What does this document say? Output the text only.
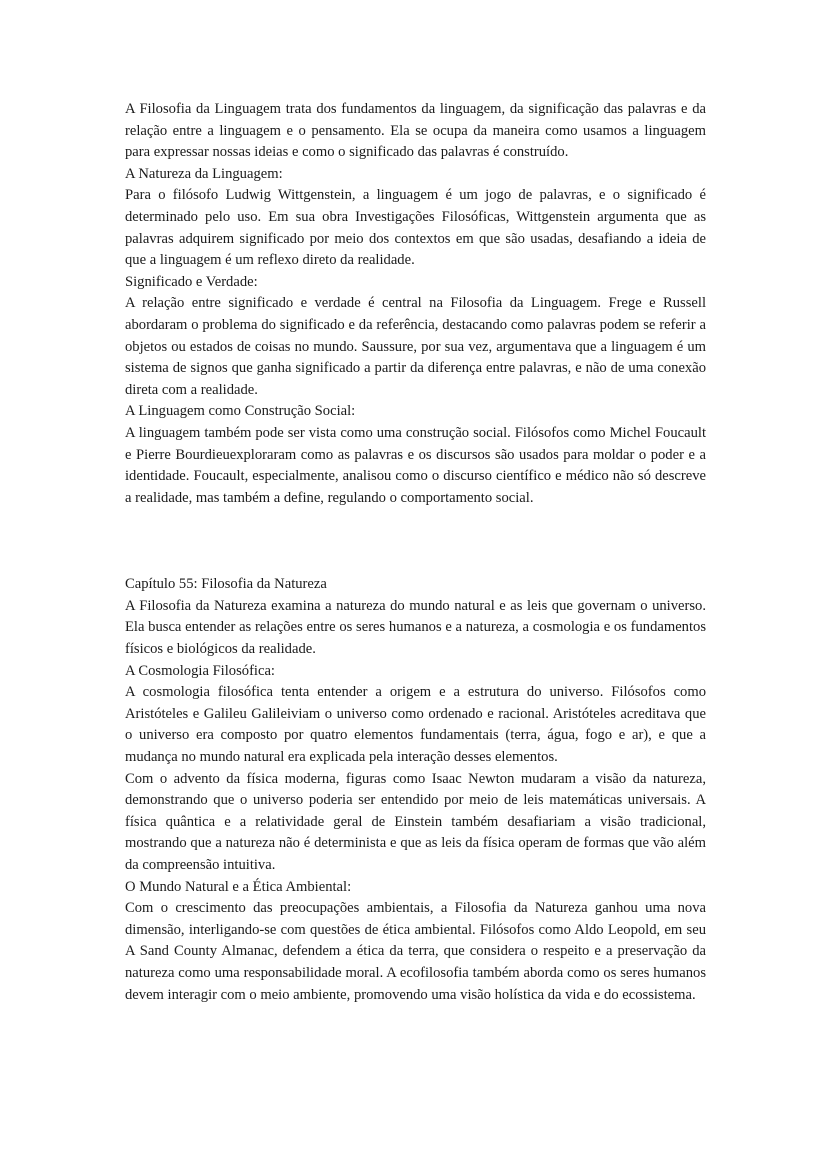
A Filosofia da Linguagem trata dos fundamentos da linguagem, da significação das palavras e da relação entre a linguagem e o pensamento. Ela se ocupa da maneira como usamos a linguagem para expressar nossas ideias e como o significado das palavras é construído.

A Natureza da Linguagem:

Para o filósofo Ludwig Wittgenstein, a linguagem é um jogo de palavras, e o significado é determinado pelo uso. Em sua obra Investigações Filosóficas, Wittgenstein argumenta que as palavras adquirem significado por meio dos contextos em que são usadas, desafiando a ideia de que a linguagem é um reflexo direto da realidade.

Significado e Verdade:

A relação entre significado e verdade é central na Filosofia da Linguagem. Frege e Russell abordaram o problema do significado e da referência, destacando como palavras podem se referir a objetos ou estados de coisas no mundo. Saussure, por sua vez, argumentava que a linguagem é um sistema de signos que ganha significado a partir da diferença entre palavras, e não de uma conexão direta com a realidade.

A Linguagem como Construção Social:

A linguagem também pode ser vista como uma construção social. Filósofos como Michel Foucault e Pierre Bourdieuexploraram como as palavras e os discursos são usados para moldar o poder e a identidade. Foucault, especialmente, analisou como o discurso científico e médico não só descreve a realidade, mas também a define, regulando o comportamento social.

Capítulo 55: Filosofia da Natureza

A Filosofia da Natureza examina a natureza do mundo natural e as leis que governam o universo. Ela busca entender as relações entre os seres humanos e a natureza, a cosmologia e os fundamentos físicos e biológicos da realidade.

A Cosmologia Filosófica:

A cosmologia filosófica tenta entender a origem e a estrutura do universo. Filósofos como Aristóteles e Galileu Galileiviam o universo como ordenado e racional. Aristóteles acreditava que o universo era composto por quatro elementos fundamentais (terra, água, fogo e ar), e que a mudança no mundo natural era explicada pela interação desses elementos.

Com o advento da física moderna, figuras como Isaac Newton mudaram a visão da natureza, demonstrando que o universo poderia ser entendido por meio de leis matemáticas universais. A física quântica e a relatividade geral de Einstein também desafiariam a visão tradicional, mostrando que a natureza não é determinista e que as leis da física operam de formas que vão além da compreensão intuitiva.

O Mundo Natural e a Ética Ambiental:

Com o crescimento das preocupações ambientais, a Filosofia da Natureza ganhou uma nova dimensão, interligando-se com questões de ética ambiental. Filósofos como Aldo Leopold, em seu A Sand County Almanac, defendem a ética da terra, que considera o respeito e a preservação da natureza como uma responsabilidade moral. A ecofilosofia também aborda como os seres humanos devem interagir com o meio ambiente, promovendo uma visão holística da vida e do ecossistema.
